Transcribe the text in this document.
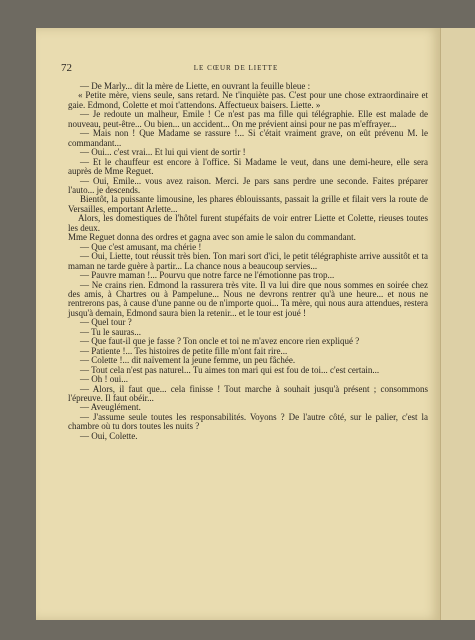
72	LE CŒUR DE LIETTE

— De Marly... dit la mère de Liette, en ouvrant la feuille bleue :

« Petite mère, viens seule, sans retard. Ne t'inquiète pas. C'est pour une chose extraordinaire et gaie. Edmond, Colette et moi t'attendons. Affectueux baisers. Liette. »

— Je redoute un malheur, Emile ! Ce n'est pas ma fille qui télégraphie. Elle est malade de nouveau, peut-être... Ou bien... un accident... On me prévient ainsi pour ne pas m'effrayer...

— Mais non ! Que Madame se rassure !... Si c'était vraiment grave, on eût prévenu M. le commandant...

— Oui... c'est vrai... Et lui qui vient de sortir !

— Et le chauffeur est encore à l'office. Si Madame le veut, dans une demi-heure, elle sera auprès de Mme Reguet.

— Oui, Emile... vous avez raison. Merci. Je pars sans perdre une seconde. Faites préparer l'auto... je descends.

Bientôt, la puissante limousine, les phares éblouissants, passait la grille et filait vers la route de Versailles, emportant Arlette...

Alors, les domestiques de l'hôtel furent stupéfaits de voir entrer Liette et Colette, rieuses toutes les deux.

Mme Reguet donna des ordres et gagna avec son amie le salon du commandant.

— Que c'est amusant, ma chérie !

— Oui, Liette, tout réussit très bien. Ton mari sort d'ici, le petit télégraphiste arrive aussitôt et ta maman ne tarde guère à partir... La chance nous a beaucoup servies...

— Pauvre maman !... Pourvu que notre farce ne l'émotionne pas trop...

— Ne crains rien. Edmond la rassurera très vite. Il va lui dire que nous sommes en soirée chez des amis, à Chartres ou à Pampelune... Nous ne devrons rentrer qu'à une heure... et nous ne rentrerons pas, à cause d'une panne ou de n'importe quoi... Ta mère, qui nous aura attendues, restera jusqu'à demain, Edmond saura bien la retenir... et le tour est joué !

— Quel tour ?

— Tu le sauras...

— Que faut-il que je fasse ? Ton oncle et toi ne m'avez encore rien expliqué ?

— Patiente !... Tes histoires de petite fille m'ont fait rire...

— Colette !... dit naïvement la jeune femme, un peu fâchée.

— Tout cela n'est pas naturel... Tu aimes ton mari qui est fou de toi... c'est certain...

— Oh ! oui...

— Alors, il faut que... cela finisse ! Tout marche à souhait jusqu'à présent ; consommons l'épreuve. Il faut obéir...

— Aveuglément.

— J'assume seule toutes les responsabilités. Voyons ? De l'autre côté, sur le palier, c'est la chambre où tu dors toutes les nuits ?

— Oui, Colette.
